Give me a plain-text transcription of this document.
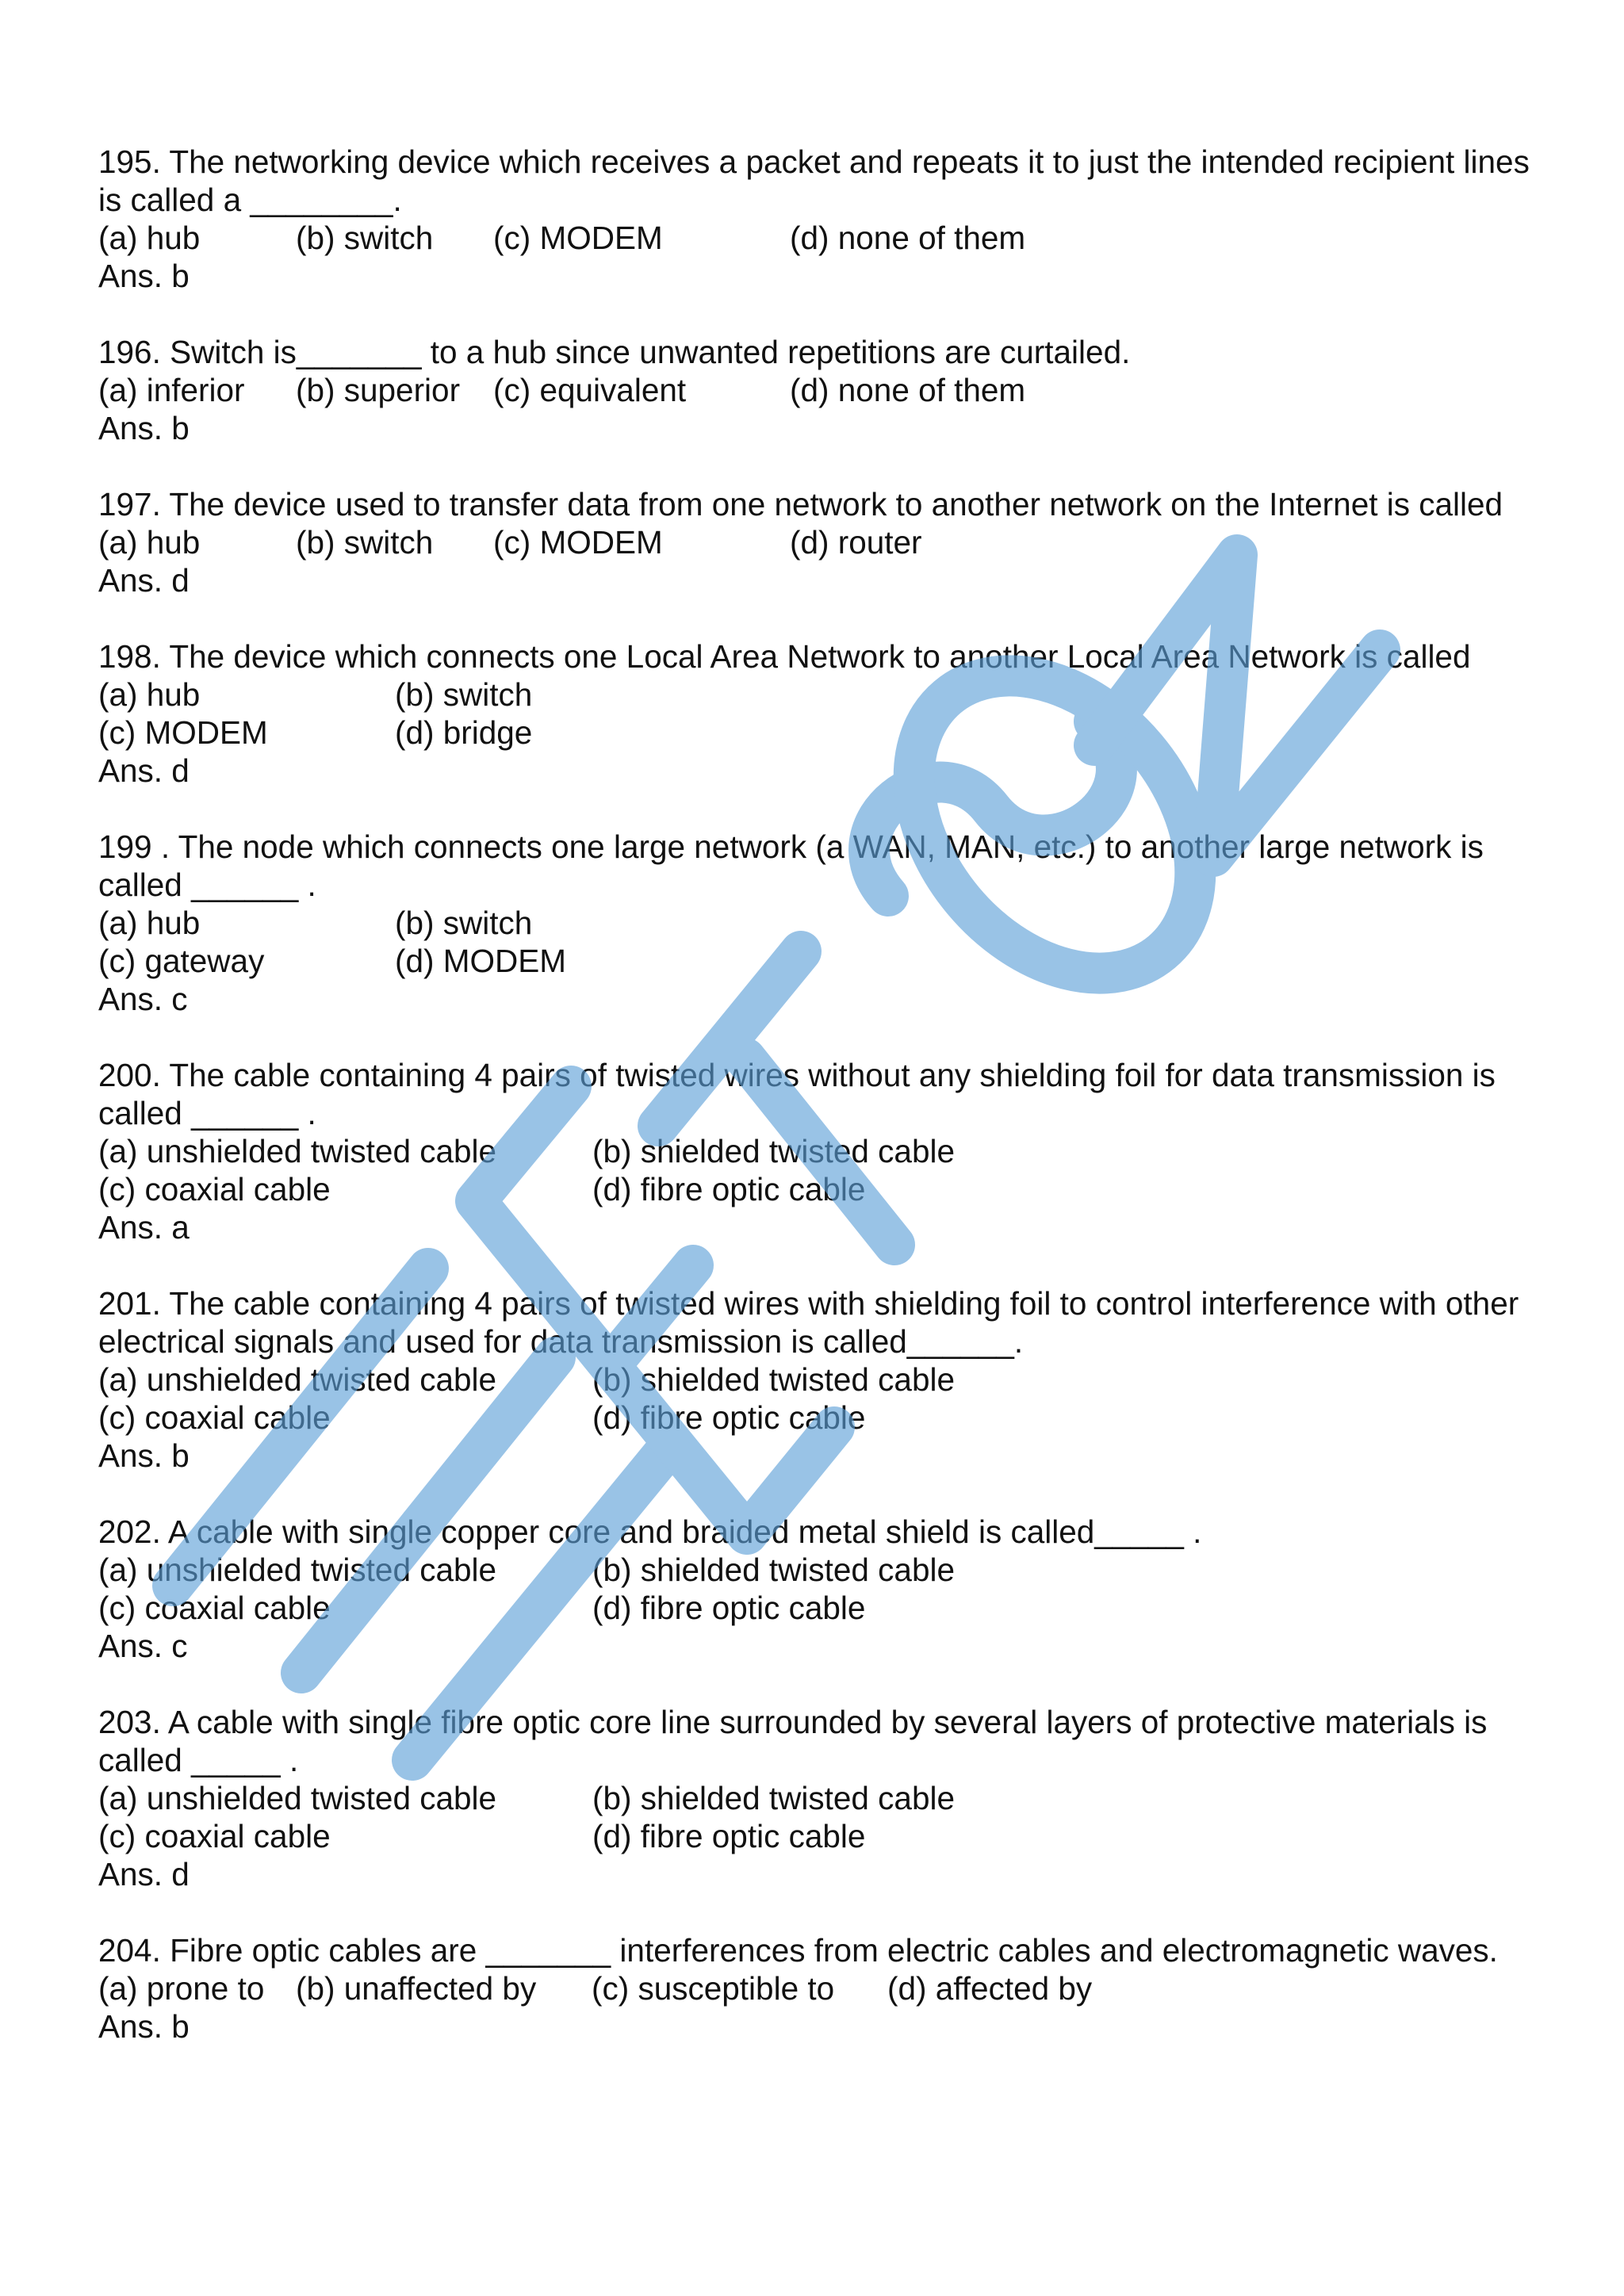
195. The networking device which receives a packet and repeats it to just the intended recipient lines is called a ________.
(a) hub	(b) switch	(c) MODEM	(d) none of them
Ans. b
196. Switch is_______ to a hub since unwanted repetitions are curtailed.
(a) inferior	(b) superior	(c) equivalent	(d) none of them
Ans. b
197. The device used to transfer data from one network to another network on the Internet is called
(a) hub	(b) switch	(c) MODEM	(d) router
Ans. d
198. The device which connects one Local Area Network to another Local Area Network is called
(a) hub	(b) switch
(c) MODEM	(d) bridge
Ans. d
199 . The node which connects one large network (a WAN, MAN, etc.) to another large network is called ______ .
(a) hub	(b) switch
(c) gateway	(d) MODEM
Ans. c
200. The cable containing 4 pairs of twisted wires without any shielding foil for data transmission is called ______ .
(a) unshielded twisted cable	(b) shielded twisted cable
(c) coaxial cable	(d) fibre optic cable
Ans. a
201. The cable containing 4 pairs of twisted wires with shielding foil to control interference with other electrical signals and used for data transmission is called______.
(a) unshielded twisted cable	(b) shielded twisted cable
(c) coaxial cable	(d) fibre optic cable
Ans. b
202. A cable with single copper core and braided metal shield is called_____ .
(a) unshielded twisted cable	(b) shielded twisted cable
(c) coaxial cable	(d) fibre optic cable
Ans. c
203. A cable with single fibre optic core line surrounded by several layers of protective materials is called _____ .
(a) unshielded twisted cable	(b) shielded twisted cable
(c) coaxial cable	(d) fibre optic cable
Ans. d
204. Fibre optic cables are _______ interferences from electric cables and electromagnetic waves.
(a) prone to (b) unaffected by	(c) susceptible to	(d) affected by
Ans. b
